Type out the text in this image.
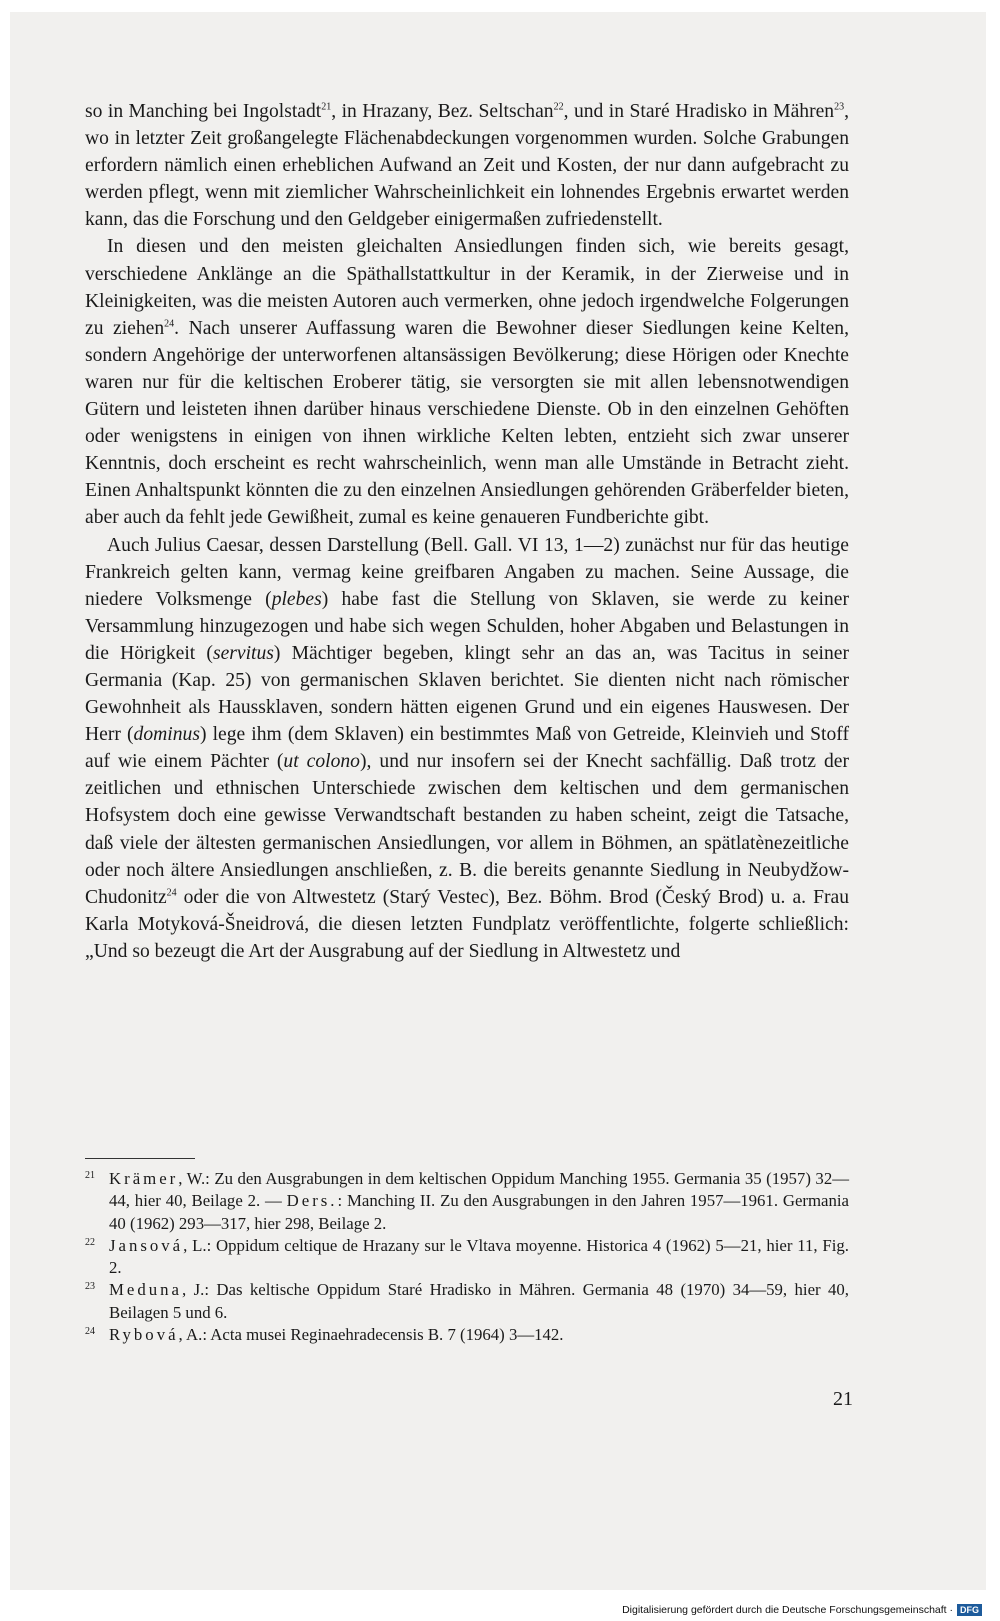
so in Manching bei Ingolstadt$^{21}$, in Hrazany, Bez. Seltschan$^{22}$, und in Staré Hradisko in Mähren$^{23}$, wo in letzter Zeit großangelegte Flächenabdeckungen vorgenommen wurden. Solche Grabungen erfordern nämlich einen erheblichen Aufwand an Zeit und Kosten, der nur dann aufgebracht zu werden pflegt, wenn mit ziemlicher Wahrscheinlichkeit ein lohnendes Ergebnis erwartet werden kann, das die Forschung und den Geldgeber einigermaßen zufriedenstellt.

In diesen und den meisten gleichalten Ansiedlungen finden sich, wie bereits gesagt, verschiedene Anklänge an die Späthallstattkultur in der Keramik, in der Zierweise und in Kleinigkeiten, was die meisten Autoren auch vermerken, ohne jedoch irgendwelche Folgerungen zu ziehen$^{24}$. Nach unserer Auffassung waren die Bewohner dieser Siedlungen keine Kelten, sondern Angehörige der unterworfenen altansässigen Bevölkerung; diese Hörigen oder Knechte waren nur für die keltischen Eroberer tätig, sie versorgten sie mit allen lebensnotwendigen Gütern und leisteten ihnen darüber hinaus verschiedene Dienste. Ob in den einzelnen Gehöften oder wenigstens in einigen von ihnen wirkliche Kelten lebten, entzieht sich zwar unserer Kenntnis, doch erscheint es recht wahrscheinlich, wenn man alle Umstände in Betracht zieht. Einen Anhaltspunkt könnten die zu den einzelnen Ansiedlungen gehörenden Gräberfelder bieten, aber auch da fehlt jede Gewißheit, zumal es keine genaueren Fundberichte gibt.

Auch Julius Caesar, dessen Darstellung (Bell. Gall. VI 13, 1—2) zunächst nur für das heutige Frankreich gelten kann, vermag keine greifbaren Angaben zu machen. Seine Aussage, die niedere Volksmenge (plebes) habe fast die Stellung von Sklaven, sie werde zu keiner Versammlung hinzugezogen und habe sich wegen Schulden, hoher Abgaben und Belastungen in die Hörigkeit (servitus) Mächtiger begeben, klingt sehr an das an, was Tacitus in seiner Germania (Kap. 25) von germanischen Sklaven berichtet. Sie dienten nicht nach römischer Gewohnheit als Haussklaven, sondern hätten eigenen Grund und ein eigenes Hauswesen. Der Herr (dominus) lege ihm (dem Sklaven) ein bestimmtes Maß von Getreide, Kleinvieh und Stoff auf wie einem Pächter (ut colono), und nur insofern sei der Knecht sachfällig. Daß trotz der zeitlichen und ethnischen Unterschiede zwischen dem keltischen und dem germanischen Hofsystem doch eine gewisse Verwandtschaft bestanden zu haben scheint, zeigt die Tatsache, daß viele der ältesten germanischen Ansiedlungen, vor allem in Böhmen, an spätlatènezeitliche oder noch ältere Ansiedlungen anschließen, z. B. die bereits genannte Siedlung in Neubydžow-Chudonitz$^{24}$ oder die von Altwestetz (Starý Vestec), Bez. Böhm. Brod (Český Brod) u. a. Frau Karla Motyková-Šneidrová, die diesen letzten Fundplatz veröffentlichte, folgerte schließlich: „Und so bezeugt die Art der Ausgrabung auf der Siedlung in Altwestetz und

21 Krämer, W.: Zu den Ausgrabungen in dem keltischen Oppidum Manching 1955. Germania 35 (1957) 32—44, hier 40, Beilage 2. — Ders.: Manching II. Zu den Ausgrabungen in den Jahren 1957—1961. Germania 40 (1962) 293—317, hier 298, Beilage 2.
22 Jansová, L.: Oppidum celtique de Hrazany sur le Vltava moyenne. Historica 4 (1962) 5—21, hier 11, Fig. 2.
23 Meduna, J.: Das keltische Oppidum Staré Hradisko in Mähren. Germania 48 (1970) 34—59, hier 40, Beilagen 5 und 6.
24 Rybová, A.: Acta musei Reginaehradecensis B. 7 (1964) 3—142.
21
Digitalisierung gefördert durch die Deutsche Forschungsgemeinschaft · DFG
